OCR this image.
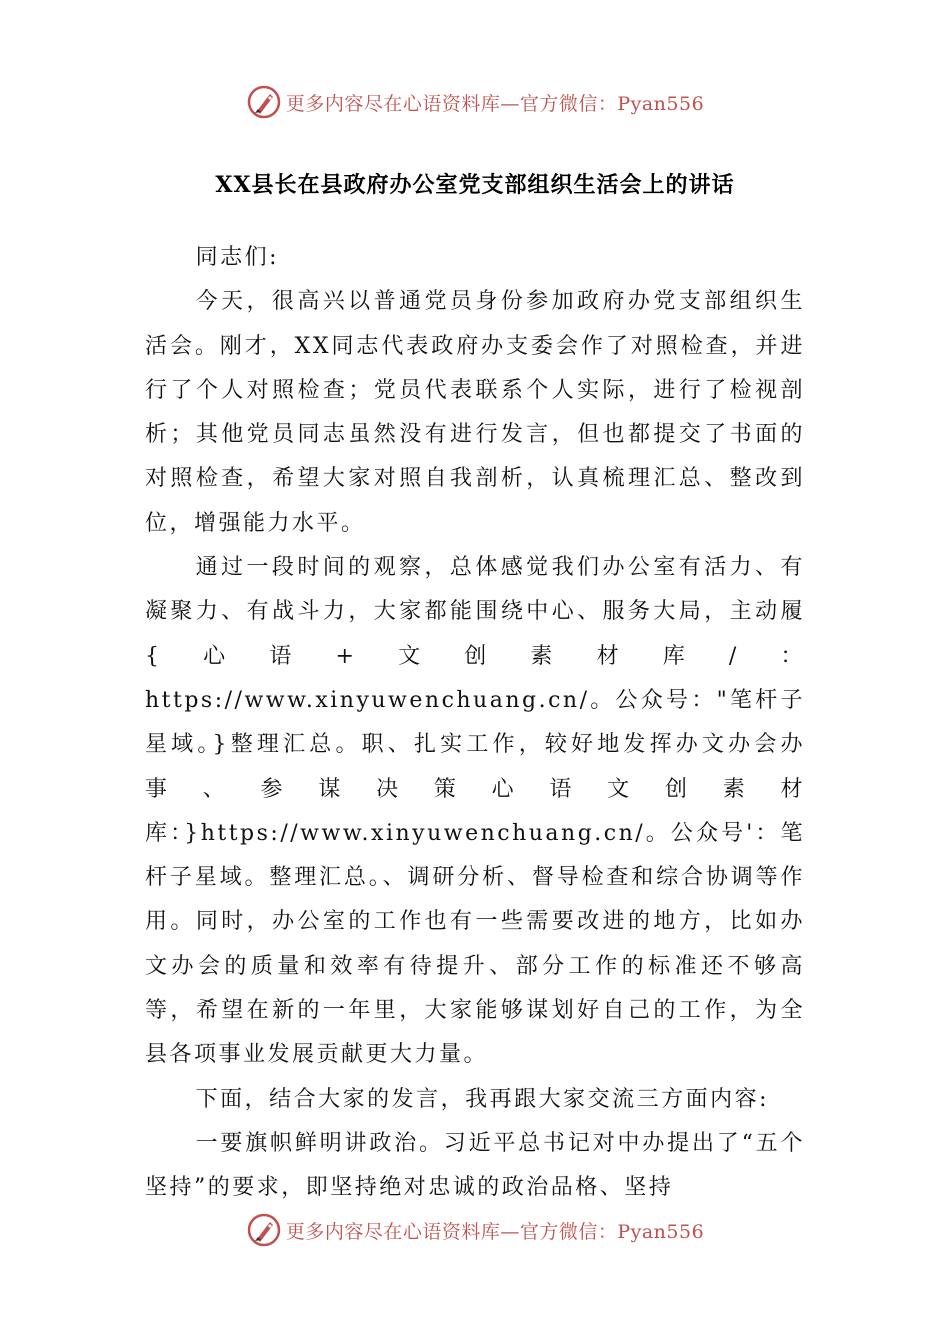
更多内容尽在心语资料库—官方微信：Pyan556
XX县长在县政府办公室党支部组织生活会上的讲话

同志们:

今天，很高兴以普通党员身份参加政府办党支部组织生活会。刚才，XX同志代表政府办支委会作了对照检查，并进行了个人对照检查；党员代表联系个人实际，进行了检视剖析；其他党员同志虽然没有进行发言，但也都提交了书面的对照检查，希望大家对照自我剖析，认真梳理汇总、整改到位，增强能力水平。

通过一段时间的观察，总体感觉我们办公室有活力、有凝聚力、有战斗力，大家都能围绕中心、服务大局，主动履{心语+文创素材库/：https://www.xinyuwenchuang.cn/。公众号："笔杆子星域。}整理汇总。职、扎实工作，较好地发挥办文办会办事、参谋决策心语文创素材库：}https://www.xinyuwenchuang.cn/。公众号'：笔杆子星域。整理汇总。、调研分析、督导检查和综合协调等作用。同时，办公室的工作也有一些需要改进的地方，比如办文办会的质量和效率有待提升、部分工作的标准还不够高等，希望在新的一年里，大家能够谋划好自己的工作，为全县各项事业发展贡献更大力量。

下面，结合大家的发言，我再跟大家交流三方面内容:

一要旗帜鲜明讲政治。习近平总书记对中办提出了“五个坚持”的要求，即坚持绝对忠诚的政治品格、坚持

更多内容尽在心语资料库—官方微信：Pyan556
